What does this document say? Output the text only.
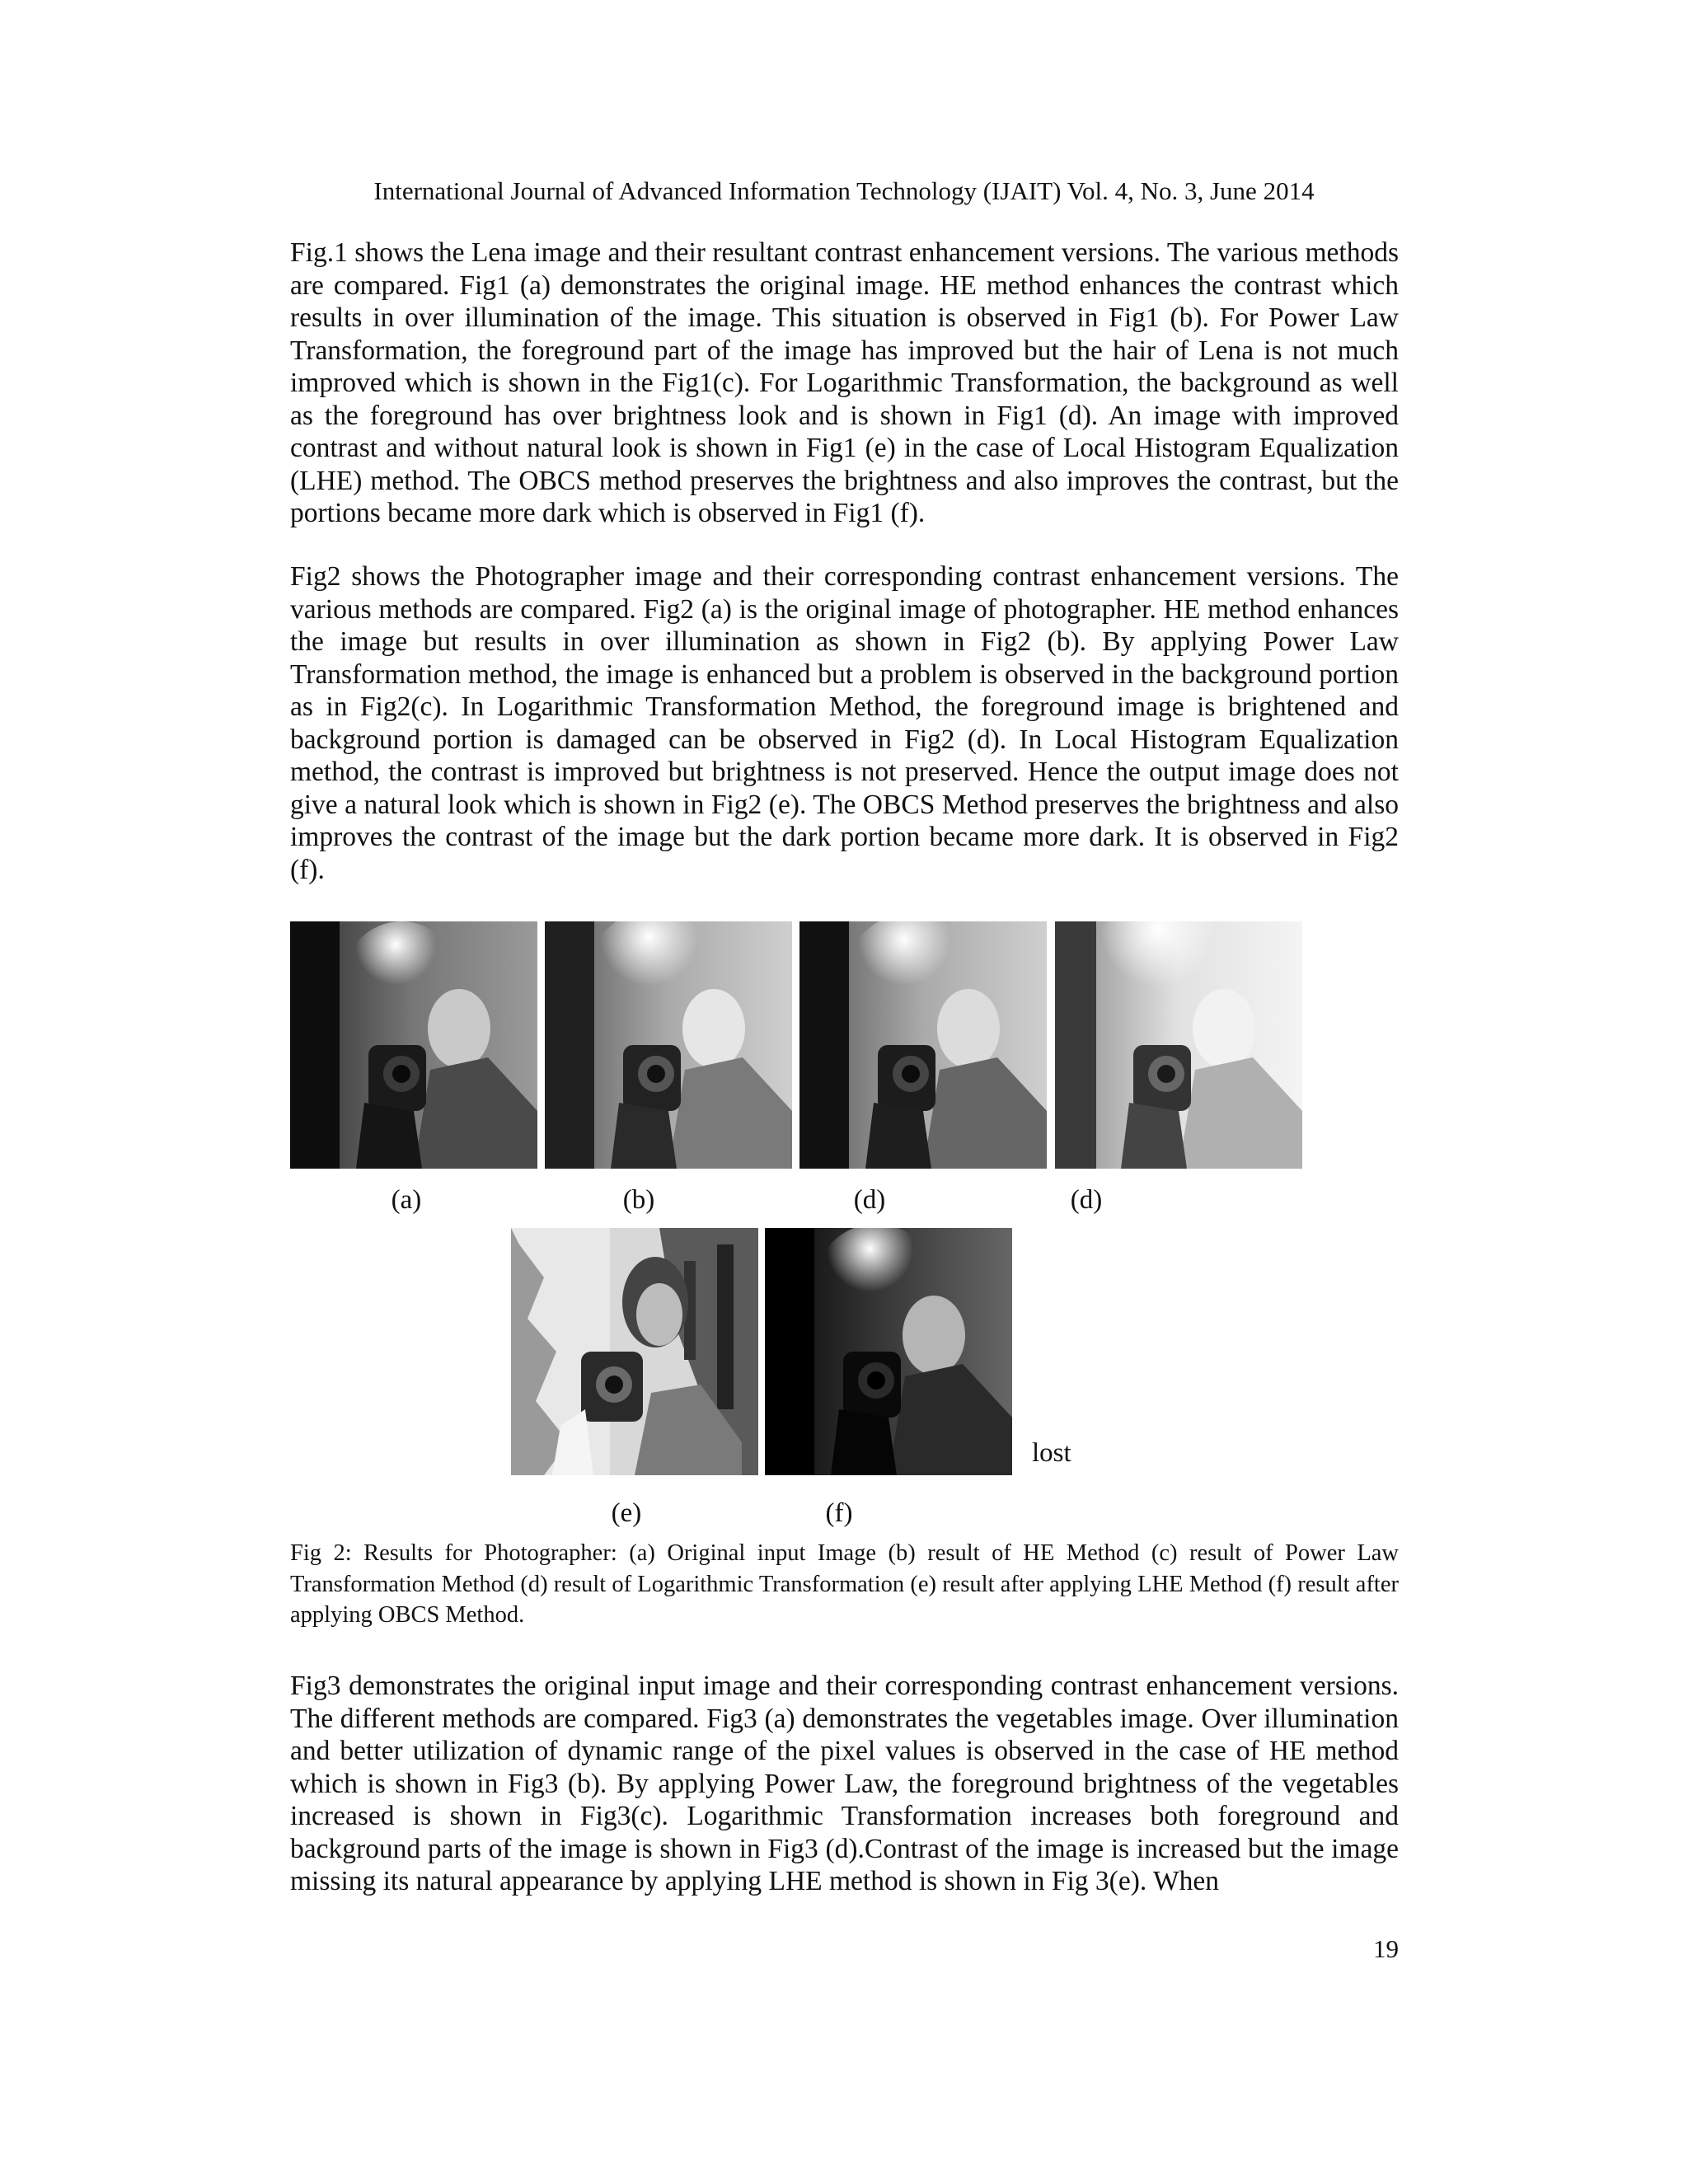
International Journal of Advanced Information Technology (IJAIT) Vol. 4, No. 3, June 2014

Fig.1 shows the Lena image and their resultant contrast enhancement versions. The various methods are compared. Fig1 (a) demonstrates the original image. HE method enhances the contrast which results in over illumination of the image. This situation is observed in Fig1 (b). For Power Law Transformation, the foreground part of the image has improved but the hair of Lena is not much improved which is shown in the Fig1(c). For Logarithmic Transformation, the background as well as the foreground has over brightness look and is shown in Fig1 (d). An image with improved contrast and without natural look is shown in Fig1 (e) in the case of Local Histogram Equalization (LHE) method. The OBCS method preserves the brightness and also improves the contrast, but the portions became more dark which is observed in Fig1 (f).

Fig2 shows the Photographer image and their corresponding contrast enhancement versions. The various methods are compared. Fig2 (a) is the original image of photographer. HE method enhances the image but results in over illumination as shown in Fig2 (b). By applying Power Law Transformation method, the image is enhanced but a problem is observed in the background portion as in Fig2(c). In Logarithmic Transformation Method, the foreground image is brightened and background portion is damaged can be observed in Fig2 (d). In Local Histogram Equalization method, the contrast is improved but brightness is not preserved. Hence the output image does not give a natural look which is shown in Fig2 (e). The OBCS Method preserves the brightness and also improves the contrast of the image but the dark portion became more dark. It is observed in Fig2 (f).

(a)	(b)	(d)	(d)
lost
(e)	(f)

Fig 2: Results for Photographer: (a) Original input Image (b) result of HE Method (c) result of Power Law Transformation Method (d) result of Logarithmic Transformation (e) result after applying LHE Method (f) result after applying OBCS Method.

Fig3 demonstrates the original input image and their corresponding contrast enhancement versions. The different methods are compared. Fig3 (a) demonstrates the vegetables image. Over illumination and better utilization of dynamic range of the pixel values is observed in the case of HE method which is shown in Fig3 (b). By applying Power Law, the foreground brightness of the vegetables increased is shown in Fig3(c). Logarithmic Transformation increases both foreground and background parts of the image is shown in Fig3 (d).Contrast of the image is increased but the image missing its natural appearance by applying LHE method is shown in Fig 3(e). When

19
